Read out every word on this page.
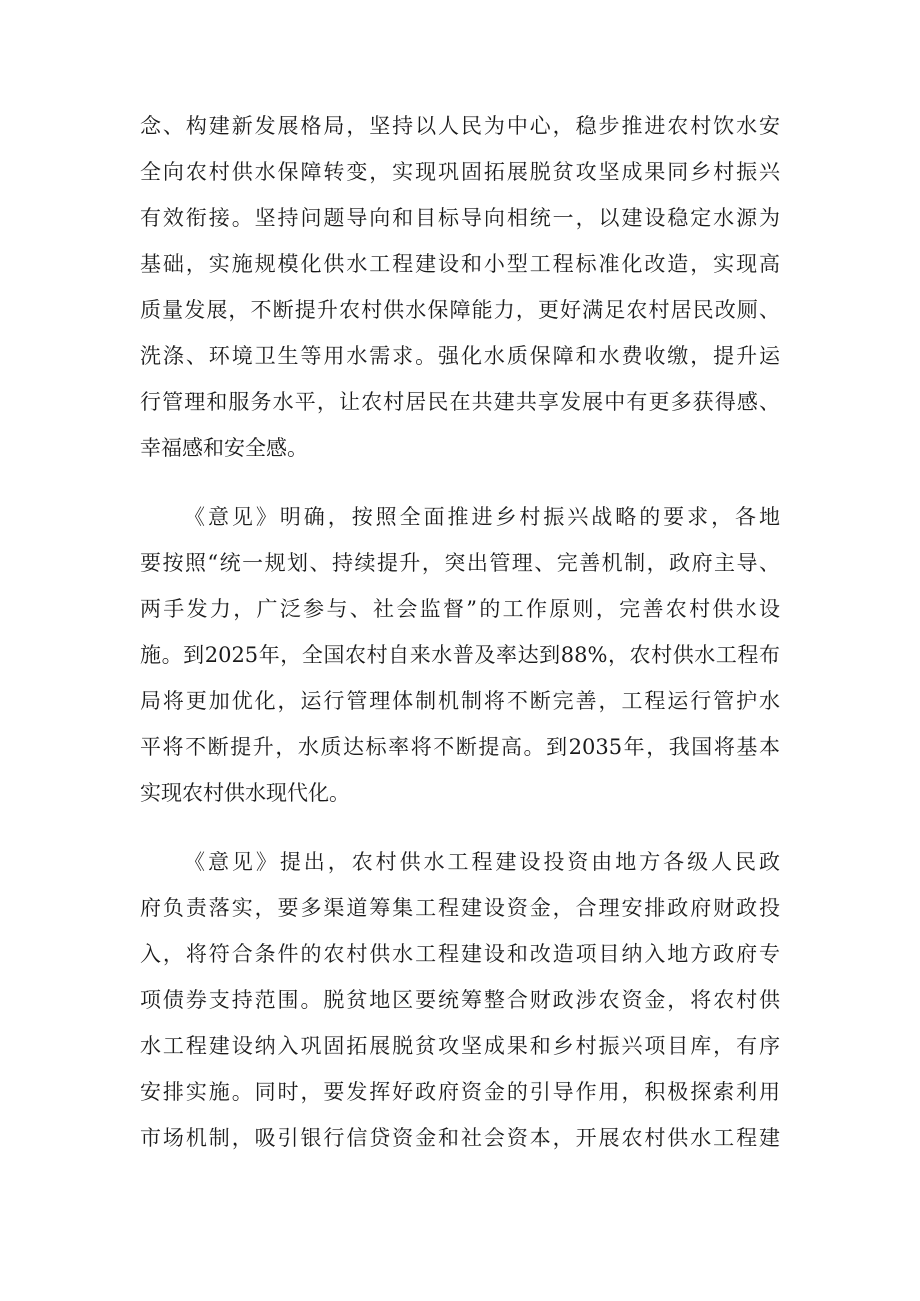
念、构建新发展格局，坚持以人民为中心，稳步推进农村饮水安
全向农村供水保障转变，实现巩固拓展脱贫攻坚成果同乡村振兴
有效衔接。坚持问题导向和目标导向相统一，以建设稳定水源为
基础，实施规模化供水工程建设和小型工程标准化改造，实现高
质量发展，不断提升农村供水保障能力，更好满足农村居民改厕、
洗涤、环境卫生等用水需求。强化水质保障和水费收缴，提升运
行管理和服务水平，让农村居民在共建共享发展中有更多获得感、
幸福感和安全感。
《意见》明确，按照全面推进乡村振兴战略的要求，各地
要按照“统一规划、持续提升，突出管理、完善机制，政府主导、
两手发力，广泛参与、社会监督”的工作原则，完善农村供水设
施。到2025年，全国农村自来水普及率达到88%，农村供水工程布
局将更加优化，运行管理体制机制将不断完善，工程运行管护水
平将不断提升，水质达标率将不断提高。到2035年，我国将基本
实现农村供水现代化。
《意见》提出，农村供水工程建设投资由地方各级人民政
府负责落实，要多渠道筹集工程建设资金，合理安排政府财政投
入，将符合条件的农村供水工程建设和改造项目纳入地方政府专
项债券支持范围。脱贫地区要统筹整合财政涉农资金，将农村供
水工程建设纳入巩固拓展脱贫攻坚成果和乡村振兴项目库，有序
安排实施。同时，要发挥好政府资金的引导作用，积极探索利用
市场机制，吸引银行信贷资金和社会资本，开展农村供水工程建
